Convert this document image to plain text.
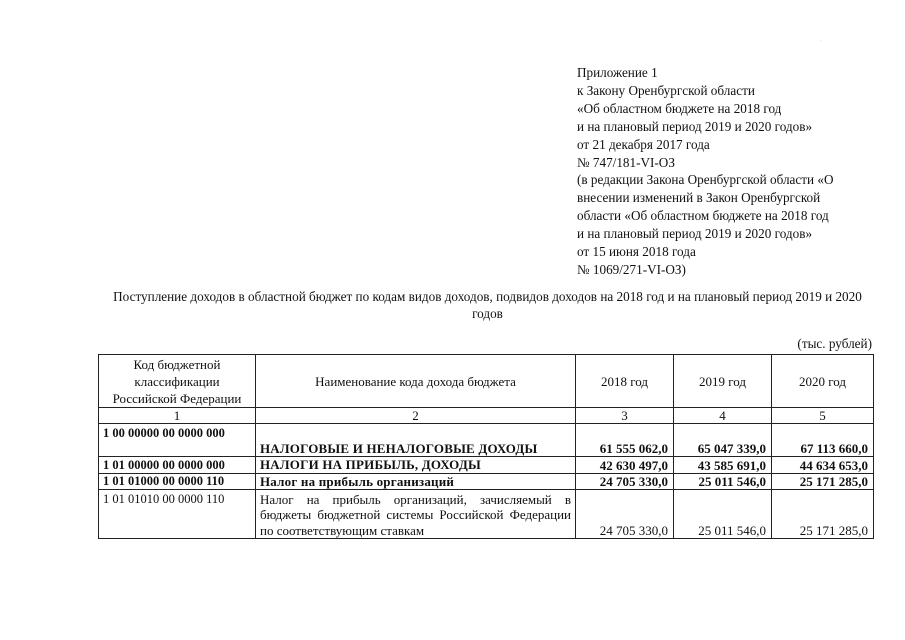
·
Приложение 1
к Закону Оренбургской области
«Об областном бюджете на 2018 год
и на плановый период 2019 и 2020 годов»
от 21 декабря 2017 года
№ 747/181-VI-ОЗ
(в редакции Закона Оренбургской области «О
внесении изменений в Закон Оренбургской
области «Об областном бюджете на 2018 год
и на плановый период 2019 и 2020 годов»
от 15 июня 2018 года
№ 1069/271-VI-ОЗ)
Поступление доходов в областной бюджет по кодам видов доходов, подвидов доходов на 2018 год и на плановый период 2019 и 2020 годов
(тыс. рублей)
Код бюджетной классификации Российской Федерации	Наименование кода дохода бюджета	2018 год	2019 год	2020 год
1	2	3	4	5
1 00 00000 00 0000 000	НАЛОГОВЫЕ И НЕНАЛОГОВЫЕ ДОХОДЫ	61 555 062,0	65 047 339,0	67 113 660,0
1 01 00000 00 0000 000	НАЛОГИ НА ПРИБЫЛЬ, ДОХОДЫ	42 630 497,0	43 585 691,0	44 634 653,0
1 01 01000 00 0000 110	Налог на прибыль организаций	24 705 330,0	25 011 546,0	25 171 285,0
1 01 01010 00 0000 110	Налог на прибыль организаций, зачисляемый в бюджеты бюджетной системы Российской Федерации по соответствующим ставкам	24 705 330,0	25 011 546,0	25 171 285,0
